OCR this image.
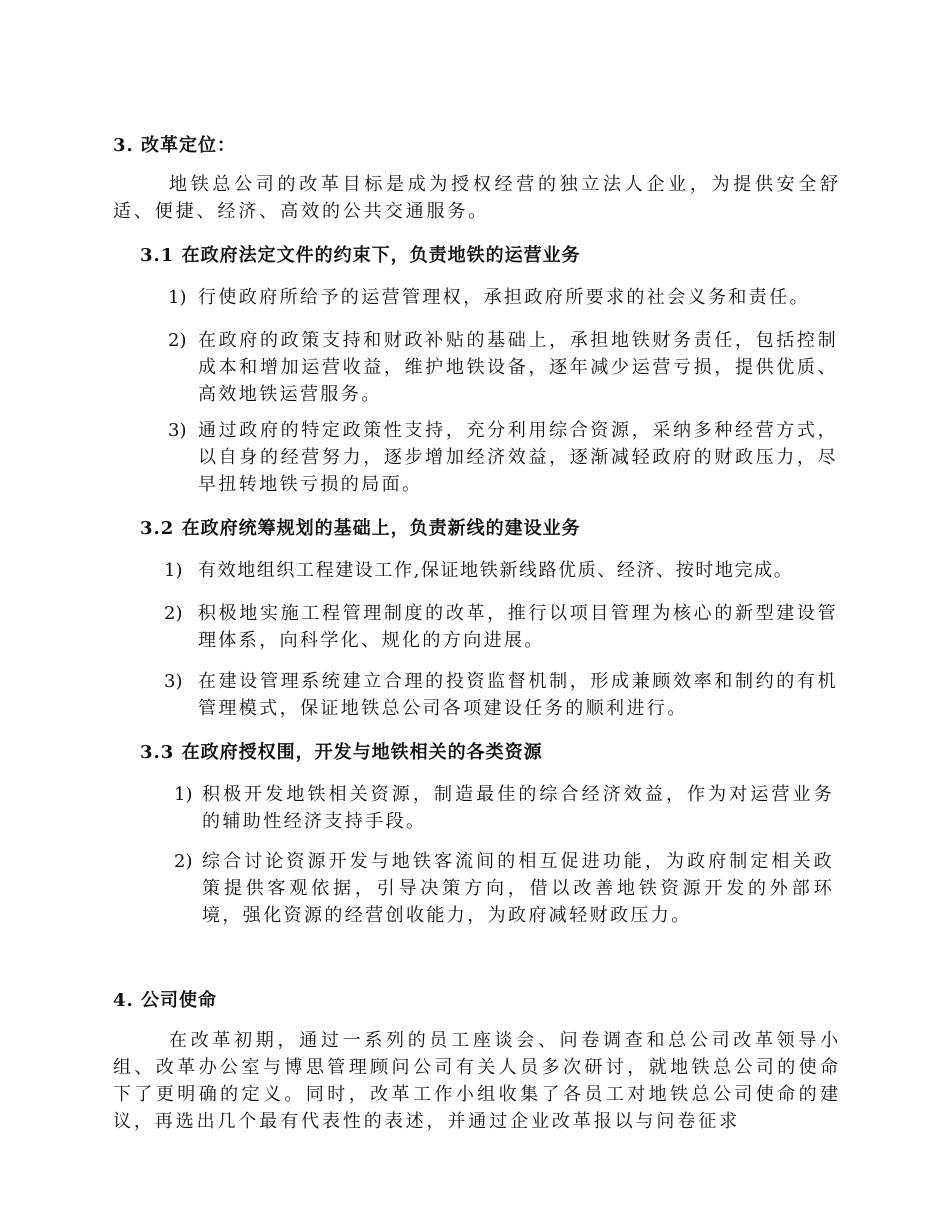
3. 改革定位：
地铁总公司的改革目标是成为授权经营的独立法人企业，为提供安全舒适、便捷、经济、高效的公共交通服务。
3.1 在政府法定文件的约束下，负责地铁的运营业务
1) 行使政府所给予的运营管理权，承担政府所要求的社会义务和责任。
2) 在政府的政策支持和财政补贴的基础上，承担地铁财务责任，包括控制成本和增加运营收益，维护地铁设备，逐年减少运营亏损，提供优质、高效地铁运营服务。
3) 通过政府的特定政策性支持，充分利用综合资源，采纳多种经营方式，以自身的经营努力，逐步增加经济效益，逐渐减轻政府的财政压力，尽早扭转地铁亏损的局面。
3.2 在政府统筹规划的基础上，负责新线的建设业务
1) 有效地组织工程建设工作,保证地铁新线路优质、经济、按时地完成。
2) 积极地实施工程管理制度的改革，推行以项目管理为核心的新型建设管理体系，向科学化、规化的方向进展。
3) 在建设管理系统建立合理的投资监督机制，形成兼顾效率和制约的有机管理模式，保证地铁总公司各项建设任务的顺利进行。
3.3 在政府授权围，开发与地铁相关的各类资源
1) 积极开发地铁相关资源，制造最佳的综合经济效益，作为对运营业务的辅助性经济支持手段。
2) 综合讨论资源开发与地铁客流间的相互促进功能，为政府制定相关政策提供客观依据，引导决策方向，借以改善地铁资源开发的外部环境，强化资源的经营创收能力，为政府减轻财政压力。
4. 公司使命
在改革初期，通过一系列的员工座谈会、问卷调查和总公司改革领导小组、改革办公室与博思管理顾问公司有关人员多次研讨，就地铁总公司的使命下了更明确的定义。同时，改革工作小组收集了各员工对地铁总公司使命的建议，再选出几个最有代表性的表述，并通过企业改革报以与问卷征求
